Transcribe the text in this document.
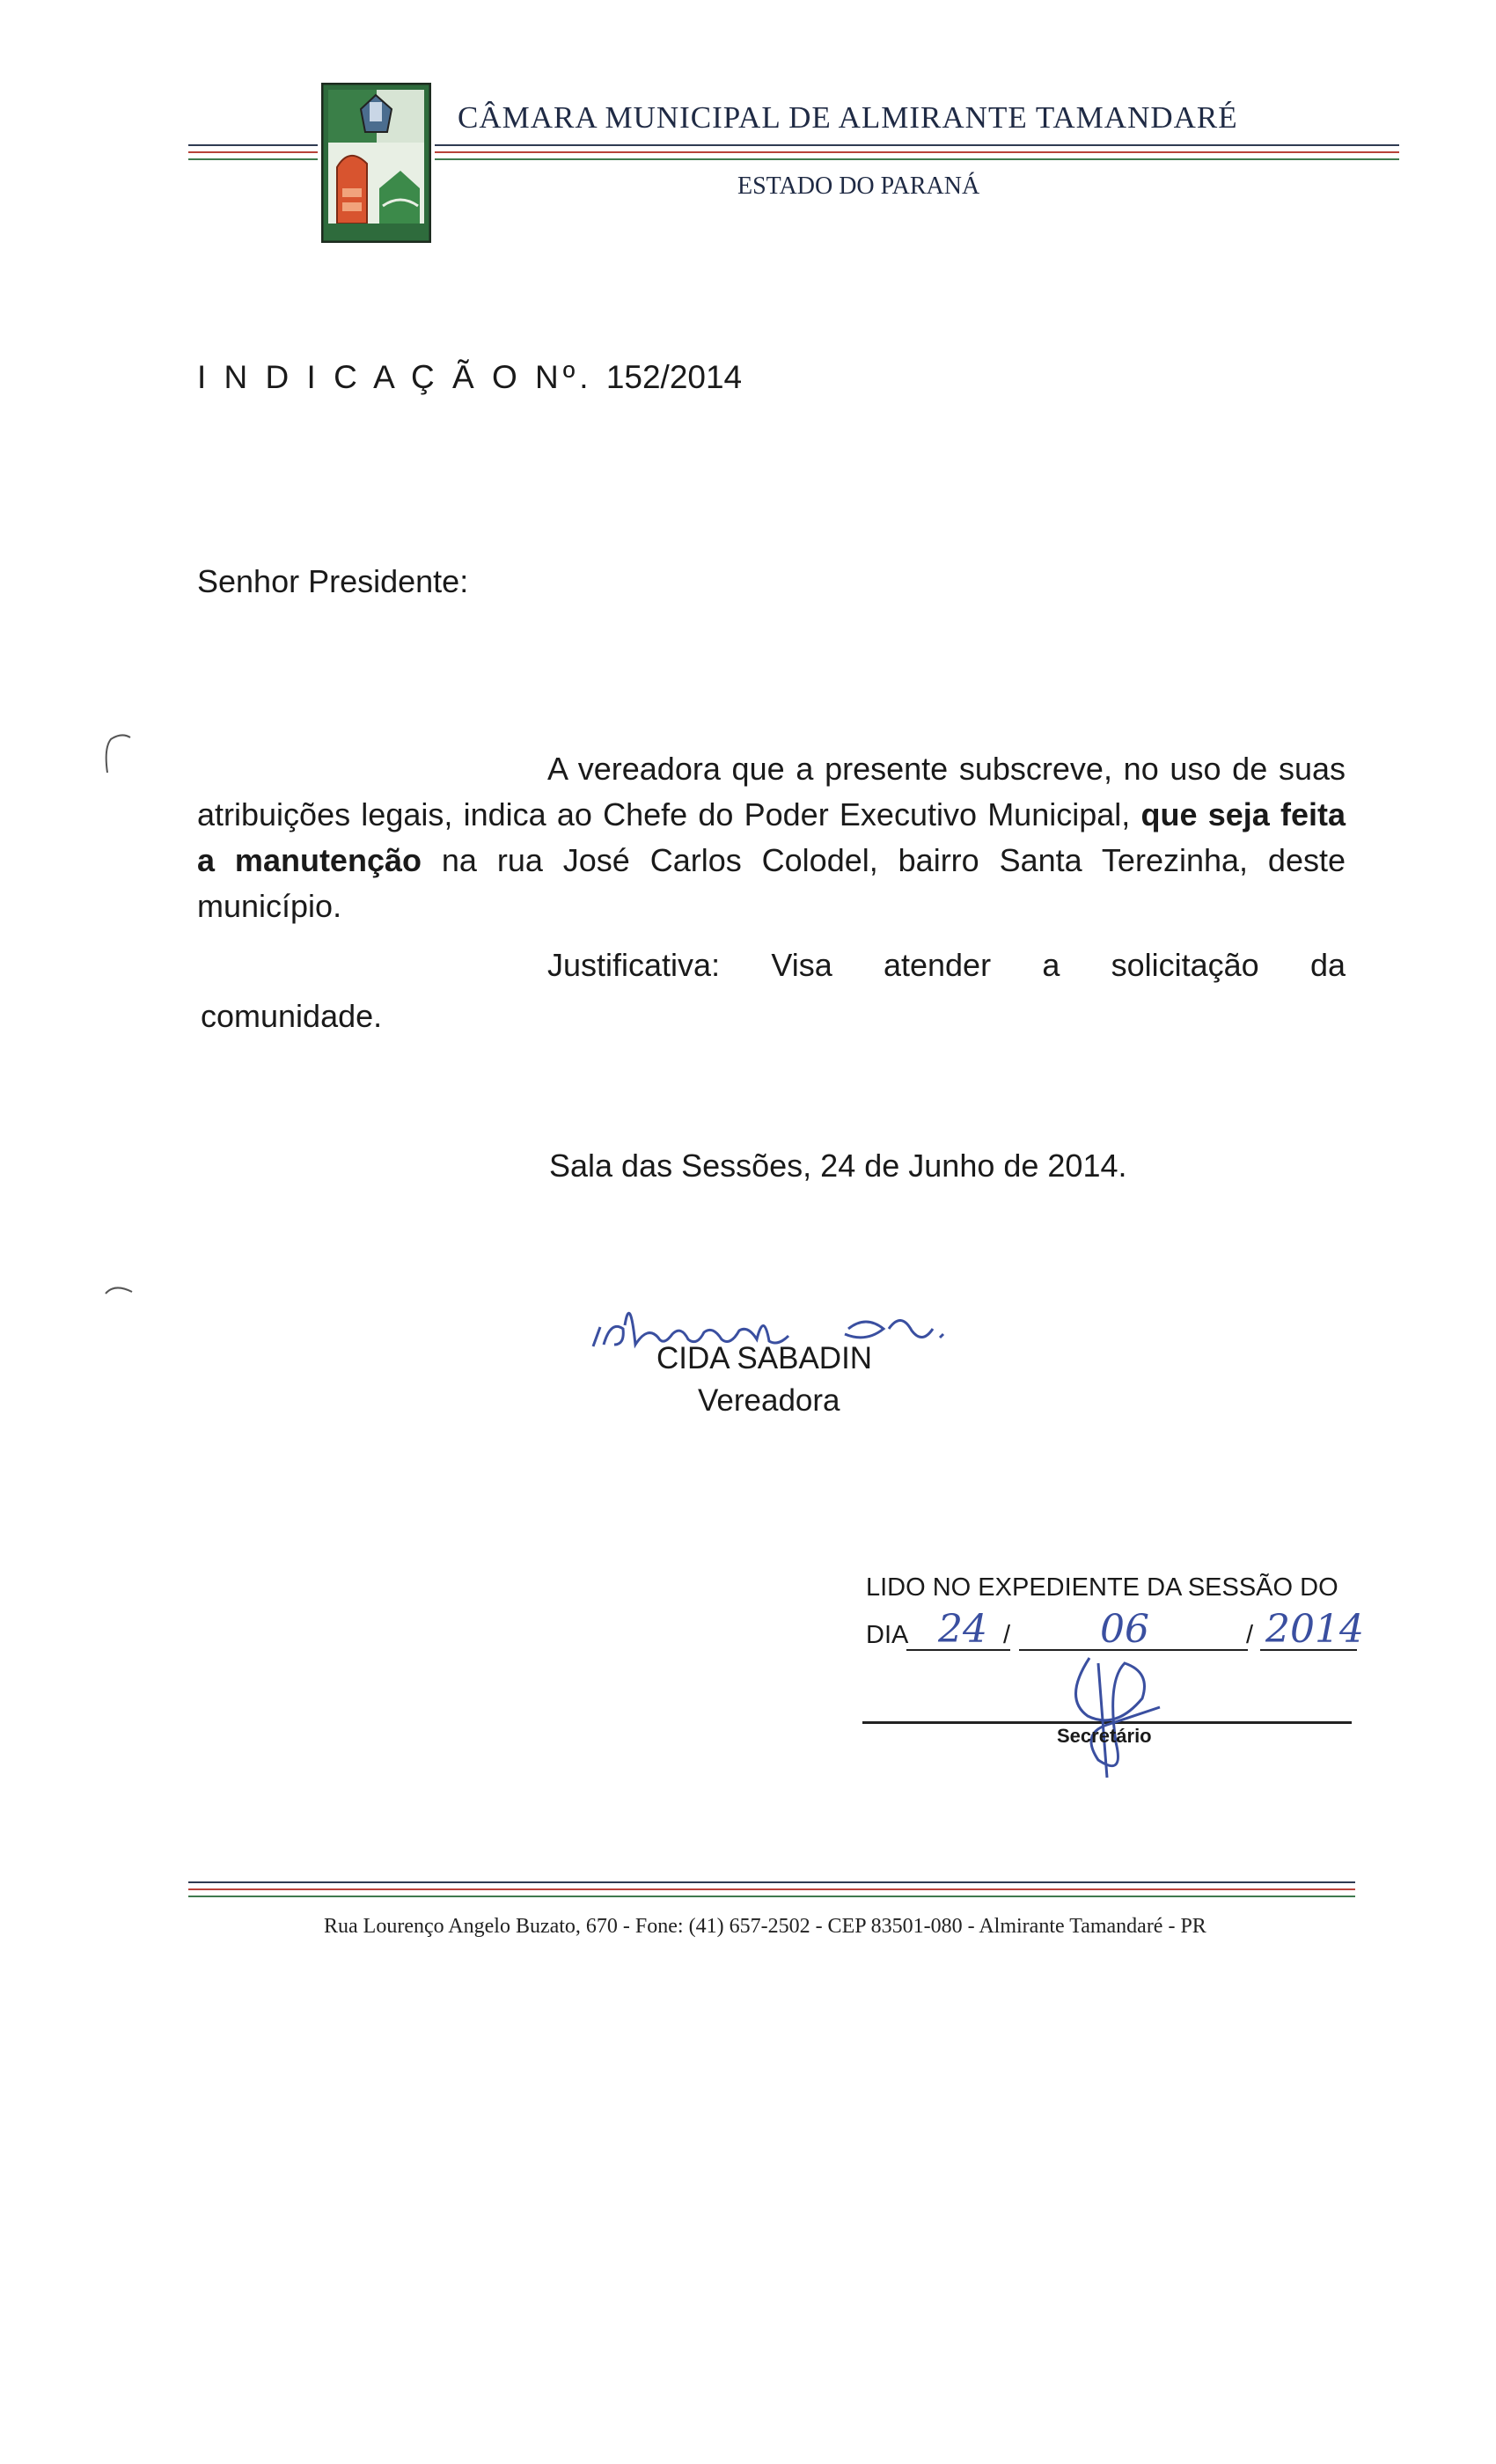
CÂMARA MUNICIPAL DE ALMIRANTE TAMANDARÉ
ESTADO DO PARANÁ
I N D I C A Ç Ã O Nº. 152/2014
Senhor Presidente:
A vereadora que a presente subscreve, no uso de suas atribuições legais, indica ao Chefe do Poder Executivo Municipal, que seja feita a manutenção na rua José Carlos Colodel, bairro Santa Terezinha, deste município.
Justificativa: Visa atender a solicitação da
comunidade.
Sala das Sessões, 24 de Junho de 2014.
CIDA SABADIN
Vereadora
LIDO NO EXPEDIENTE DA SESSÃO DO
DIA	/	/
24	06	2014
Secretário
Rua Lourenço Angelo Buzato, 670 - Fone: (41) 657-2502 - CEP 83501-080 - Almirante Tamandaré - PR
